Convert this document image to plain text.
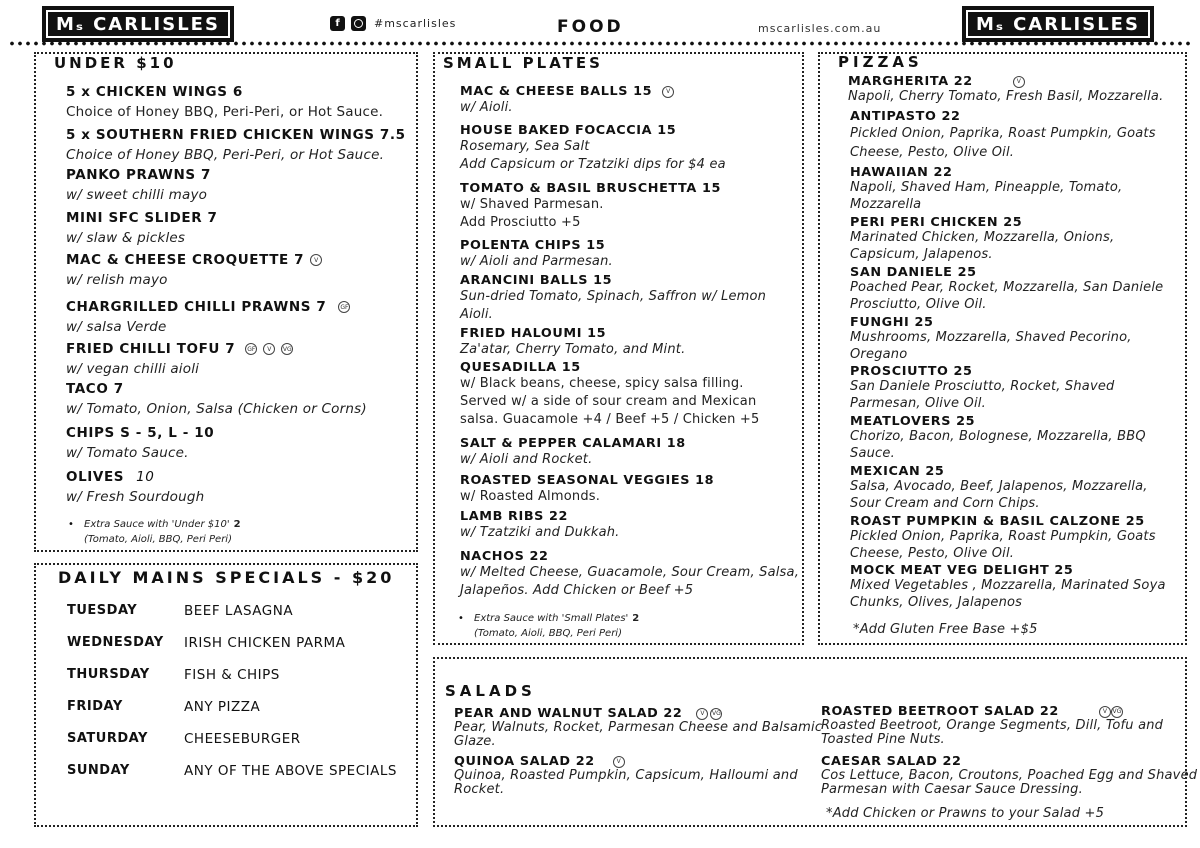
Mₛ CARLISLES	f	#mscarlisles	FOOD	mscarlisles.com.au	Mₛ CARLISLES
UNDER $10
5 x CHICKEN WINGS 6
Choice of Honey BBQ, Peri-Peri, or Hot Sauce.
5 x SOUTHERN FRIED CHICKEN WINGS 7.5
Choice of Honey BBQ, Peri-Peri, or Hot Sauce.
PANKO PRAWNS 7
w/ sweet chilli mayo
MINI SFC SLIDER 7
w/ slaw & pickles
MAC & CHEESE CROQUETTE 7	V
w/ relish mayo
CHARGRILLED CHILLI PRAWNS 7	GF
w/ salsa Verde
FRIED CHILLI TOFU 7	GF	V	VG
w/ vegan chilli aioli
TACO 7
w/ Tomato, Onion, Salsa (Chicken or Corns)
CHIPS S - 5, L - 10
w/ Tomato Sauce.
OLIVES 10
w/ Fresh Sourdough
• Extra Sauce with 'Under $10' 2
(Tomato, Aioli, BBQ, Peri Peri)
DAILY MAINS SPECIALS - $20
TUESDAY	BEEF LASAGNA
WEDNESDAY IRISH CHICKEN PARMA
THURSDAY	FISH & CHIPS
FRIDAY	ANY PIZZA
SATURDAY	CHEESEBURGER
SUNDAY	ANY OF THE ABOVE SPECIALS
SMALL PLATES
MAC & CHEESE BALLS 15	V
w/ Aioli.
HOUSE BAKED FOCACCIA 15
Rosemary, Sea Salt
Add Capsicum or Tzatziki dips for $4 ea
TOMATO & BASIL BRUSCHETTA 15
w/ Shaved Parmesan.
Add Prosciutto +5
POLENTA CHIPS 15
w/ Aioli and Parmesan.
ARANCINI BALLS 15
Sun-dried Tomato, Spinach, Saffron w/ Lemon
Aioli.
FRIED HALOUMI 15
Za'atar, Cherry Tomato, and Mint.
QUESADILLA 15
w/ Black beans, cheese, spicy salsa filling.
Served w/ a side of sour cream and Mexican
salsa. Guacamole +4 / Beef +5 / Chicken +5
SALT & PEPPER CALAMARI 18
w/ Aioli and Rocket.
ROASTED SEASONAL VEGGIES 18
w/ Roasted Almonds.
LAMB RIBS 22
w/ Tzatziki and Dukkah.
NACHOS 22
w/ Melted Cheese, Guacamole, Sour Cream, Salsa,
Jalapeños. Add Chicken or Beef +5
• Extra Sauce with 'Small Plates' 2
(Tomato, Aioli, BBQ, Peri Peri)
PIZZAS
MARGHERITA 22	V
Napoli, Cherry Tomato, Fresh Basil, Mozzarella.
ANTIPASTO 22
Pickled Onion, Paprika, Roast Pumpkin, Goats
Cheese, Pesto, Olive Oil.
HAWAIIAN 22
Napoli, Shaved Ham, Pineapple, Tomato,
Mozzarella
PERI PERI CHICKEN 25
Marinated Chicken, Mozzarella, Onions,
Capsicum, Jalapenos.
SAN DANIELE 25
Poached Pear, Rocket, Mozzarella, San Daniele
Prosciutto, Olive Oil.
FUNGHI 25
Mushrooms, Mozzarella, Shaved Pecorino,
Oregano
PROSCIUTTO 25
San Daniele Prosciutto, Rocket, Shaved
Parmesan, Olive Oil.
MEATLOVERS 25
Chorizo, Bacon, Bolognese, Mozzarella, BBQ
Sauce.
MEXICAN 25
Salsa, Avocado, Beef, Jalapenos, Mozzarella,
Sour Cream and Corn Chips.
ROAST PUMPKIN & BASIL CALZONE 25
Pickled Onion, Paprika, Roast Pumpkin, Goats
Cheese, Pesto, Olive Oil.
MOCK MEAT VEG DELIGHT 25
Mixed Vegetables , Mozzarella, Marinated Soya
Chunks, Olives, Jalapenos
*Add Gluten Free Base +$5
SALADS
PEAR AND WALNUT SALAD 22	V	VG
Pear, Walnuts, Rocket, Parmesan Cheese and Balsamic
Glaze.
QUINOA SALAD 22	V
Quinoa, Roasted Pumpkin, Capsicum, Halloumi and
Rocket.
ROASTED BEETROOT SALAD 22	V VG
Roasted Beetroot, Orange Segments, Dill, Tofu and
Toasted Pine Nuts.
CAESAR SALAD 22
Cos Lettuce, Bacon, Croutons, Poached Egg and Shaved
Parmesan with Caesar Sauce Dressing.
*Add Chicken or Prawns to your Salad +5
